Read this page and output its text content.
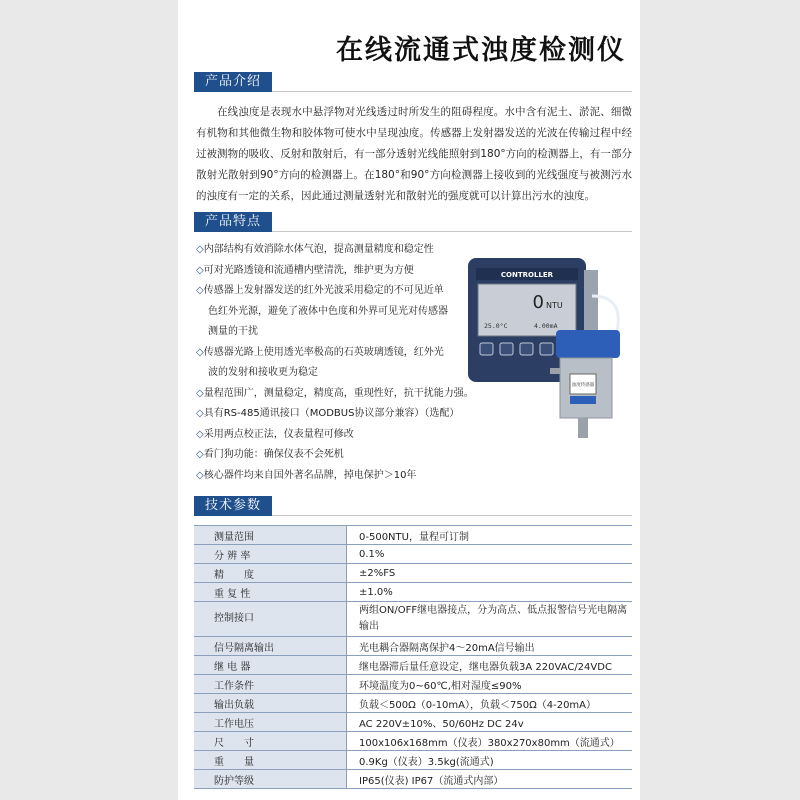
在线流通式浊度检测仪
产品介绍
在线浊度是表现水中悬浮物对光线透过时所发生的阻碍程度。水中含有泥土、淤泥、细微有机物和其他微生物和胶体物可使水中呈现浊度。传感器上发射器发送的光波在传输过程中经过被测物的吸收、反射和散射后，有一部分透射光线能照射到180°方向的检测器上，有一部分散射光散射到90°方向的检测器上。在180°和90°方向检测器上接收到的光线强度与被测污水的浊度有一定的关系，因此通过测量透射光和散射光的强度就可以计算出污水的浊度。
产品特点
◇内部结构有效消除水体气泡，提高测量精度和稳定性
◇可对光路透镜和流通槽内壁清洗，维护更为方便
◇传感器上发射器发送的红外光波采用稳定的不可见近单
色红外光源，避免了液体中色度和外界可见光对传感器
测量的干扰
◇传感器光路上使用透光率极高的石英玻璃透镜，红外光
波的发射和接收更为稳定
◇量程范围广，测量稳定，精度高，重现性好，抗干扰能力强。
◇具有RS-485通讯接口（MODBUS协议部分兼容）（选配）
◇采用两点校正法，仪表量程可修改
◇看门狗功能：确保仪表不会死机
◇核心器件均来自国外著名品牌，掉电保护＞10年
CONTROLLER
0 NTU
25.0°C	4.00mA
浊度传感器
技术参数
测量范围	0-500NTU，量程可订制
分 辨 率	0.1%
精　　度	±2%FS
重 复 性	±1.0%
控制接口	两组ON/OFF继电器接点，分为高点、低点报警信号光电隔离输出
信号隔离输出	光电耦合器隔离保护4～20mA信号输出
继 电 器	继电器滞后量任意设定，继电器负载3A 220VAC/24VDC
工作条件	环境温度为0~60℃,相对湿度≤90%
输出负载	负载＜500Ω（0-10mA），负载＜750Ω（4-20mA）
工作电压	AC 220V±10%、50/60Hz DC 24v
尺　　寸	100x106x168mm（仪表）380x270x80mm（流通式）
重　　量	0.9Kg（仪表）3.5kg(流通式)
防护等级	IP65(仪表) IP67（流通式内部）
